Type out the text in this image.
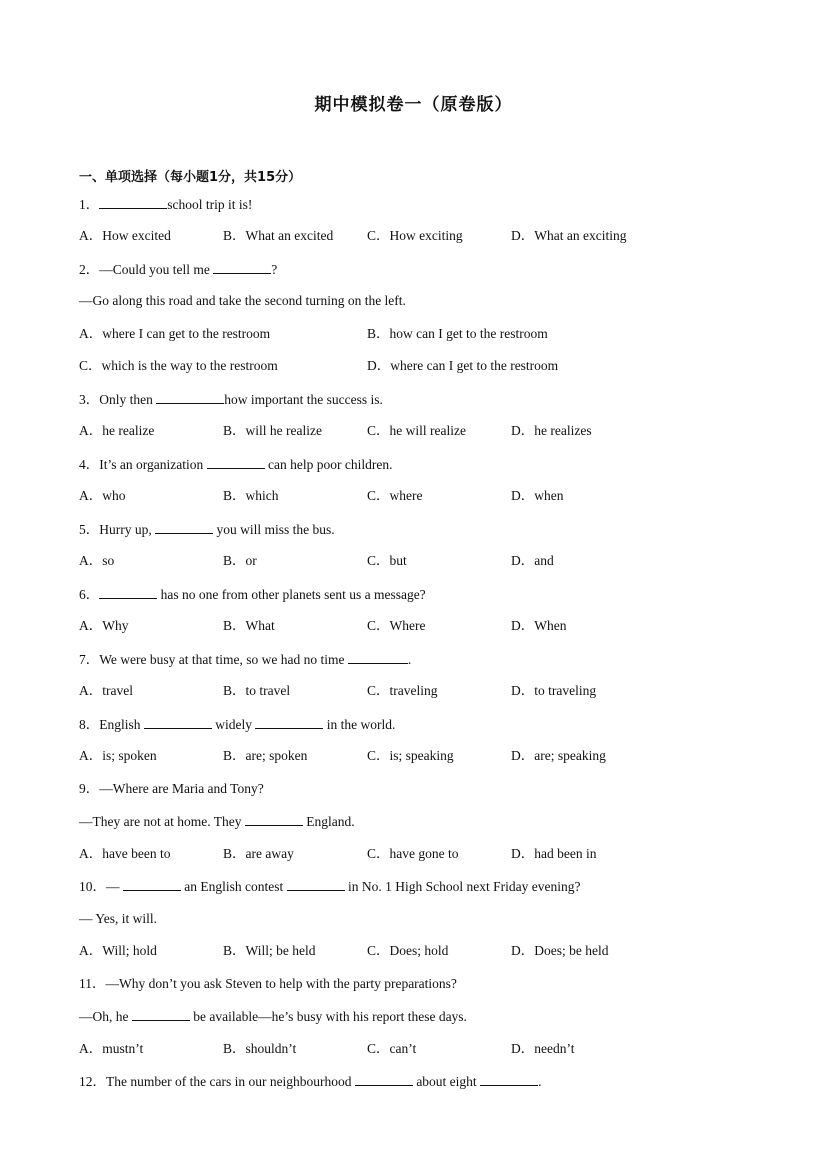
期中模拟卷一（原卷版）
一、单项选择（每小题1分，共15分）
1．	school trip it is!
A．How excited	B．What an excited	C．How exciting	D．What an exciting
2．—Could you tell me	?
—Go along this road and take the second turning on the left.
A．where I can get to the restroom	B．how can I get to the restroom
C．which is the way to the restroom	D．where can I get to the restroom
3．Only then	how important the success is.
A．he realize	B．will he realize	C．he will realize	D．he realizes
4．It’s an organization	can help poor children.
A．who	B．which	C．where	D．when
5．Hurry up,	you will miss the bus.
A．so	B．or	C．but	D．and
6．	has no one from other planets sent us a message?
A．Why	B．What	C．Where	D．When
7．We were busy at that time, so we had no time	.
A．travel	B．to travel	C．traveling	D．to traveling
8．English	widely	in the world.
A．is; spoken	B．are; spoken	C．is; speaking	D．are; speaking
9．—Where are Maria and Tony?
—They are not at home. They	England.
A．have been to	B．are away	C．have gone to	D．had been in
10．—	an English contest	in No. 1 High School next Friday evening?
— Yes, it will.
A．Will; hold	B．Will; be held	C．Does; hold	D．Does; be held
11．—Why don’t you ask Steven to help with the party preparations?
—Oh, he	be available—he’s busy with his report these days.
A．mustn’t	B．shouldn’t	C．can’t	D．needn’t
12．The number of the cars in our neighbourhood	about eight	.
